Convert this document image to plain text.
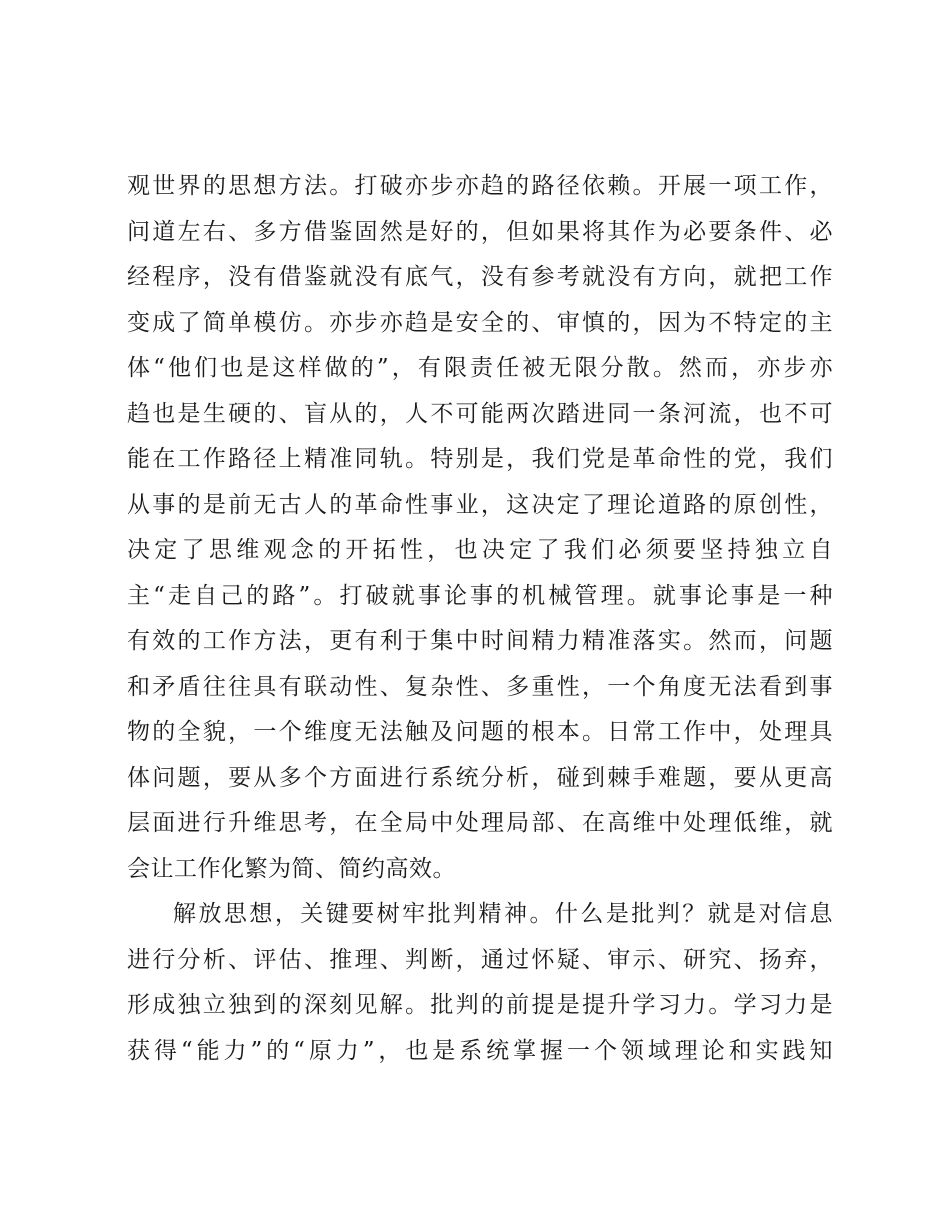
观世界的思想方法。打破亦步亦趋的路径依赖。开展一项工作，
问道左右、多方借鉴固然是好的，但如果将其作为必要条件、必
经程序，没有借鉴就没有底气，没有参考就没有方向，就把工作
变成了简单模仿。亦步亦趋是安全的、审慎的，因为不特定的主
体“他们也是这样做的”，有限责任被无限分散。然而，亦步亦
趋也是生硬的、盲从的，人不可能两次踏进同一条河流，也不可
能在工作路径上精准同轨。特别是，我们党是革命性的党，我们
从事的是前无古人的革命性事业，这决定了理论道路的原创性，
决定了思维观念的开拓性，也决定了我们必须要坚持独立自
主“走自己的路”。打破就事论事的机械管理。就事论事是一种
有效的工作方法，更有利于集中时间精力精准落实。然而，问题
和矛盾往往具有联动性、复杂性、多重性，一个角度无法看到事
物的全貌，一个维度无法触及问题的根本。日常工作中，处理具
体问题，要从多个方面进行系统分析，碰到棘手难题，要从更高
层面进行升维思考，在全局中处理局部、在高维中处理低维，就
会让工作化繁为简、简约高效。
解放思想，关键要树牢批判精神。什么是批判？就是对信息
进行分析、评估、推理、判断，通过怀疑、审示、研究、扬弃，
形成独立独到的深刻见解。批判的前提是提升学习力。学习力是
获得“能力”的“原力”，也是系统掌握一个领域理论和实践知
